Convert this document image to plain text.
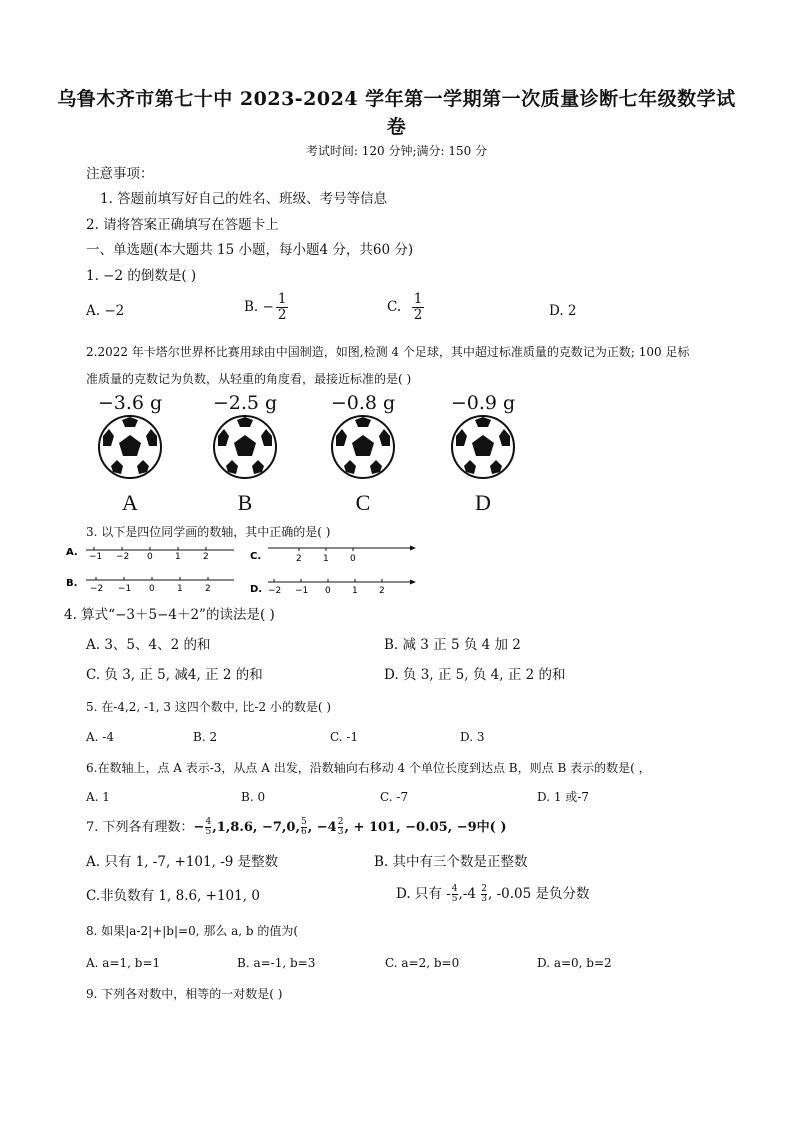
乌鲁木齐市第七十中 2023-2024 学年第一学期第一次质量诊断七年级数学试
卷
考试时间: 120 分钟;满分: 150 分
注意事项：
1. 答题前填写好自己的姓名、班级、考号等信息
2. 请将答案正确填写在答题卡上
一、单选题(本大题共 15 小题，每小题4 分，共60 分)
1. −2 的倒数是( )
A. −2	B. − $\frac{1}{2}$	C. $\frac{1}{2}$	D. 2
2.2022 年卡塔尔世界杯比赛用球由中国制造，如图,检测 4 个足球，其中超过标准质量的克数记为正数; 100 足标
准质量的克数记为负数，从轻重的角度看，最接近标准的是( )
−3.6 g
A
−2.5 g
B
−0.8 g
C
−0.9 g
D
3. 以下是四位同学画的数轴，其中正确的是( )
A. −1 −2 0 1 2	C.	2 1 0
B. −2 −1 0 1 2	D. −2 −1 0 1 2
4. 算式“−3＋5−4＋2”的读法是( )
A. 3、5、4、2 的和	B. 减 3 正 5 负 4 加 2
C. 负 3, 正 5, 减4, 正 2 的和	D. 负 3, 正 5, 负 4, 正 2 的和
5. 在-4,2, -1, 3 这四个数中, 比-2 小的数是( )
A. -4	B. 2	C. -1	D. 3
6.在数轴上，点 A 表示-3，从点 A 出发，沿数轴向右移动 4 个单位长度到达点 B，则点 B 表示的数是( ，
A. 1	B. 0	C. -7	D. 1 或-7
7. 下列各有理数：− $\frac{4}{5} ,1,8.6$, −7,0, $\frac{5}{6}$ , $-4 \frac{2}{3}$ , + 101, −0.05, −9中( )
A. 只有 1, -7, +101, -9 是整数	B. 其中有三个数是正整数
C.非负数有 1, 8.6, +101, 0	D. 只有 - $\frac{4}{5} ,-4 \frac{2}{3}$ , -0.05 是负分数
8. 如果|a-2|+|b|=0, 那么 a, b 的值为(
A. a=1, b=1	B. a=-1, b=3	C. a=2, b=0	D. a=0, b=2
9. 下列各对数中，相等的一对数是( )
